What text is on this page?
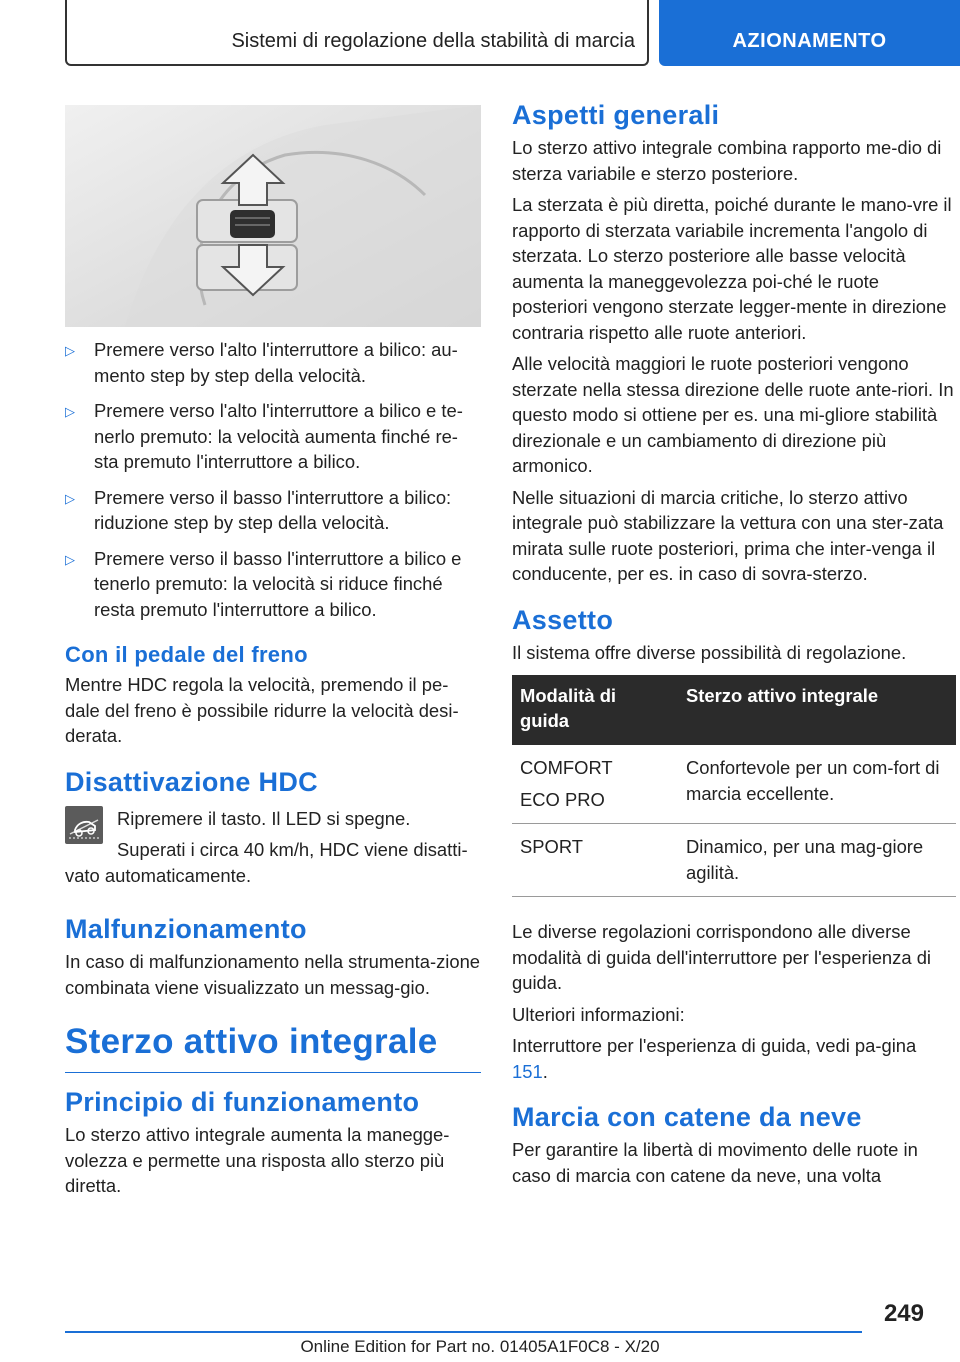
Sistemi di regolazione della stabilità di marcia	AZIONAMENTO
▷ Premere verso l'alto l'interruttore a bilico: au‐mento step by step della velocità.
▷ Premere verso l'alto l'interruttore a bilico e te‐nerlo premuto: la velocità aumenta finché re‐sta premuto l'interruttore a bilico.
▷ Premere verso il basso l'interruttore a bilico: riduzione step by step della velocità.
▷ Premere verso il basso l'interruttore a bilico e tenerlo premuto: la velocità si riduce finché resta premuto l'interruttore a bilico.
Con il pedale del freno

Mentre HDC regola la velocità, premendo il pe‐dale del freno è possibile ridurre la velocità desi‐derata.

Disattivazione HDC

Ripremere il tasto. Il LED si spegne.

Superati i circa 40 km/h, HDC viene disatti‐vato automaticamente.

Malfunzionamento

In caso di malfunzionamento nella strumenta‐zione combinata viene visualizzato un messag‐gio.

Sterzo attivo integrale
Principio di funzionamento

Lo sterzo attivo integrale aumenta la manegge‐volezza e permette una risposta allo sterzo più diretta.

Aspetti generali

Lo sterzo attivo integrale combina rapporto me‐dio di sterza variabile e sterzo posteriore.

La sterzata è più diretta, poiché durante le mano‐vre il rapporto di sterzata variabile incrementa l'angolo di sterzata. Lo sterzo posteriore alle basse velocità aumenta la maneggevolezza poi‐ché le ruote posteriori vengono sterzate legger‐mente in direzione contraria rispetto alle ruote anteriori.

Alle velocità maggiori le ruote posteriori vengono sterzate nella stessa direzione delle ruote ante‐riori. In questo modo si ottiene per es. una mi‐gliore stabilità direzionale e un cambiamento di direzione più armonico.

Nelle situazioni di marcia critiche, lo sterzo attivo integrale può stabilizzare la vettura con una ster‐zata mirata sulle ruote posteriori, prima che inter‐venga il conducente, per es. in caso di sovra‐sterzo.

Assetto

Il sistema offre diverse possibilità di regolazione.

Modalità di guida	Sterzo attivo integrale

COMFORT
ECO PRO	Confortevole per un com‐fort di marcia eccellente.
SPORT	Dinamico, per una mag‐giore agilità.

Le diverse regolazioni corrispondono alle diverse modalità di guida dell'interruttore per l'esperienza di guida.

Ulteriori informazioni:

Interruttore per l'esperienza di guida, vedi pa‐gina 151.

Marcia con catene da neve

Per garantire la libertà di movimento delle ruote in caso di marcia con catene da neve, una volta

249
Online Edition for Part no. 01405A1F0C8 - X/20
